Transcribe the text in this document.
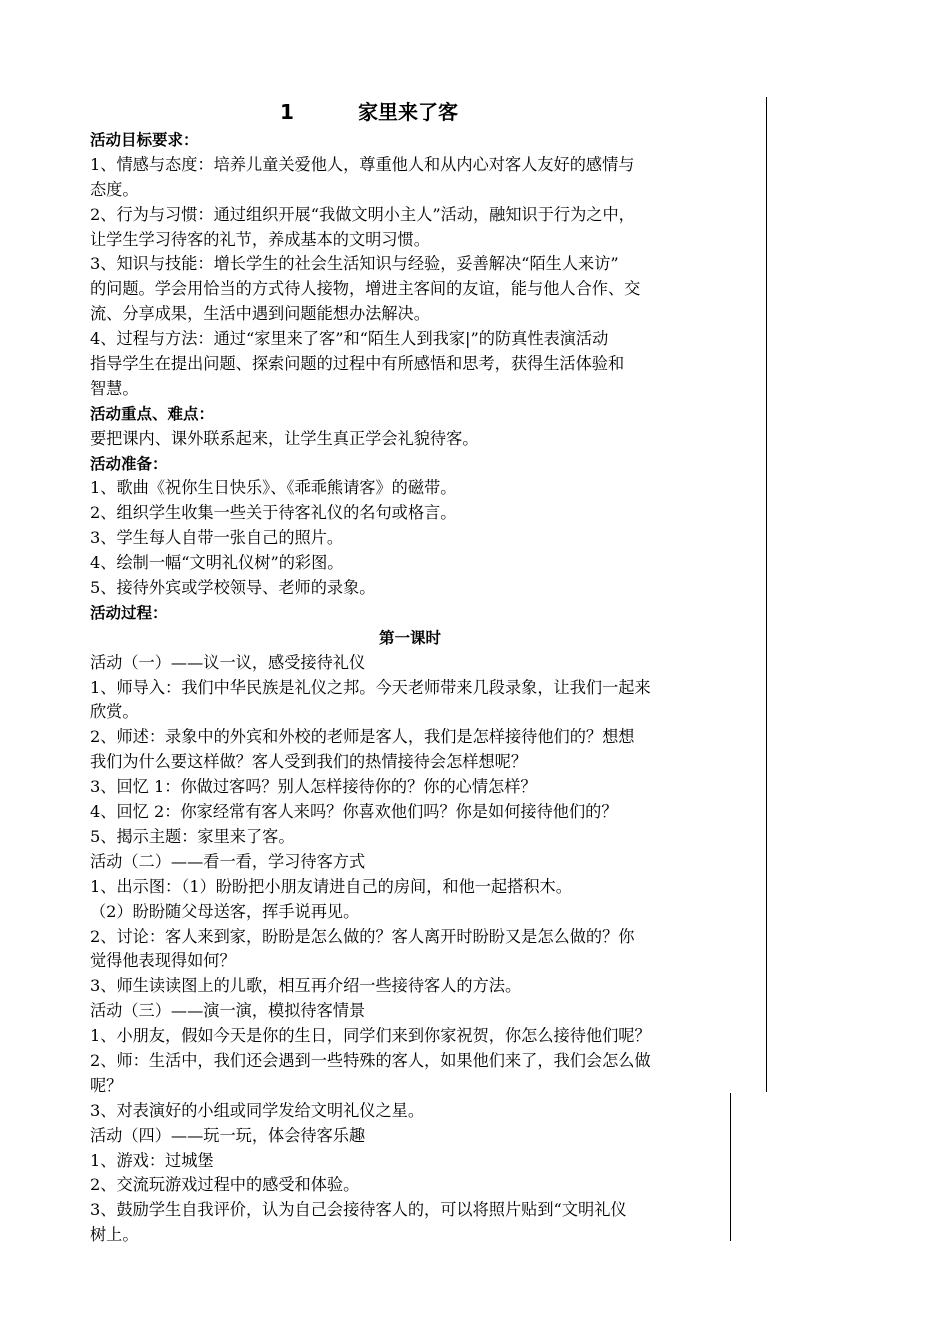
1	家里来了客
活动目标要求：
1、情感与态度：培养儿童关爱他人，尊重他人和从内心对客人友好的感情与
态度。
2、行为与习惯：通过组织开展“我做文明小主人”活动，融知识于行为之中，
让学生学习待客的礼节，养成基本的文明习惯。
3、知识与技能：增长学生的社会生活知识与经验，妥善解决“陌生人来访”
的问题。学会用恰当的方式待人接物，增进主客间的友谊，能与他人合作、交
流、分享成果，生活中遇到问题能想办法解决。
4、过程与方法：通过“家里来了客”和“陌生人到我家|”的防真性表演活动
指导学生在提出问题、探索问题的过程中有所感悟和思考，获得生活体验和
智慧。
活动重点、难点：
要把课内、课外联系起来，让学生真正学会礼貌待客。
活动准备：
1、歌曲《祝你生日快乐》、《乖乖熊请客》的磁带。
2、组织学生收集一些关于待客礼仪的名句或格言。
3、学生每人自带一张自己的照片。
4、绘制一幅“文明礼仪树”的彩图。
5、接待外宾或学校领导、老师的录象。
活动过程：
第一课时
活动（一）——议一议，感受接待礼仪
1、师导入：我们中华民族是礼仪之邦。今天老师带来几段录象，让我们一起来
欣赏。
2、师述：录象中的外宾和外校的老师是客人，我们是怎样接待他们的？想想
我们为什么要这样做？客人受到我们的热情接待会怎样想呢？
3、回忆 1：你做过客吗？别人怎样接待你的？你的心情怎样？
4、回忆 2：你家经常有客人来吗？你喜欢他们吗？你是如何接待他们的？
5、揭示主题：家里来了客。
活动（二）——看一看，学习待客方式
1、出示图：（1）盼盼把小朋友请进自己的房间，和他一起搭积木。
（2）盼盼随父母送客，挥手说再见。
2、讨论：客人来到家，盼盼是怎么做的？客人离开时盼盼又是怎么做的？你
觉得他表现得如何？
3、师生读读图上的儿歌，相互再介绍一些接待客人的方法。
活动（三）——演一演，模拟待客情景
1、小朋友，假如今天是你的生日，同学们来到你家祝贺，你怎么接待他们呢？
2、师：生活中，我们还会遇到一些特殊的客人，如果他们来了，我们会怎么做
呢？
3、对表演好的小组或同学发给文明礼仪之星。
活动（四）——玩一玩，体会待客乐趣
1、游戏：过城堡
2、交流玩游戏过程中的感受和体验。
3、鼓励学生自我评价，认为自己会接待客人的，可以将照片贴到“文明礼仪
树上。
